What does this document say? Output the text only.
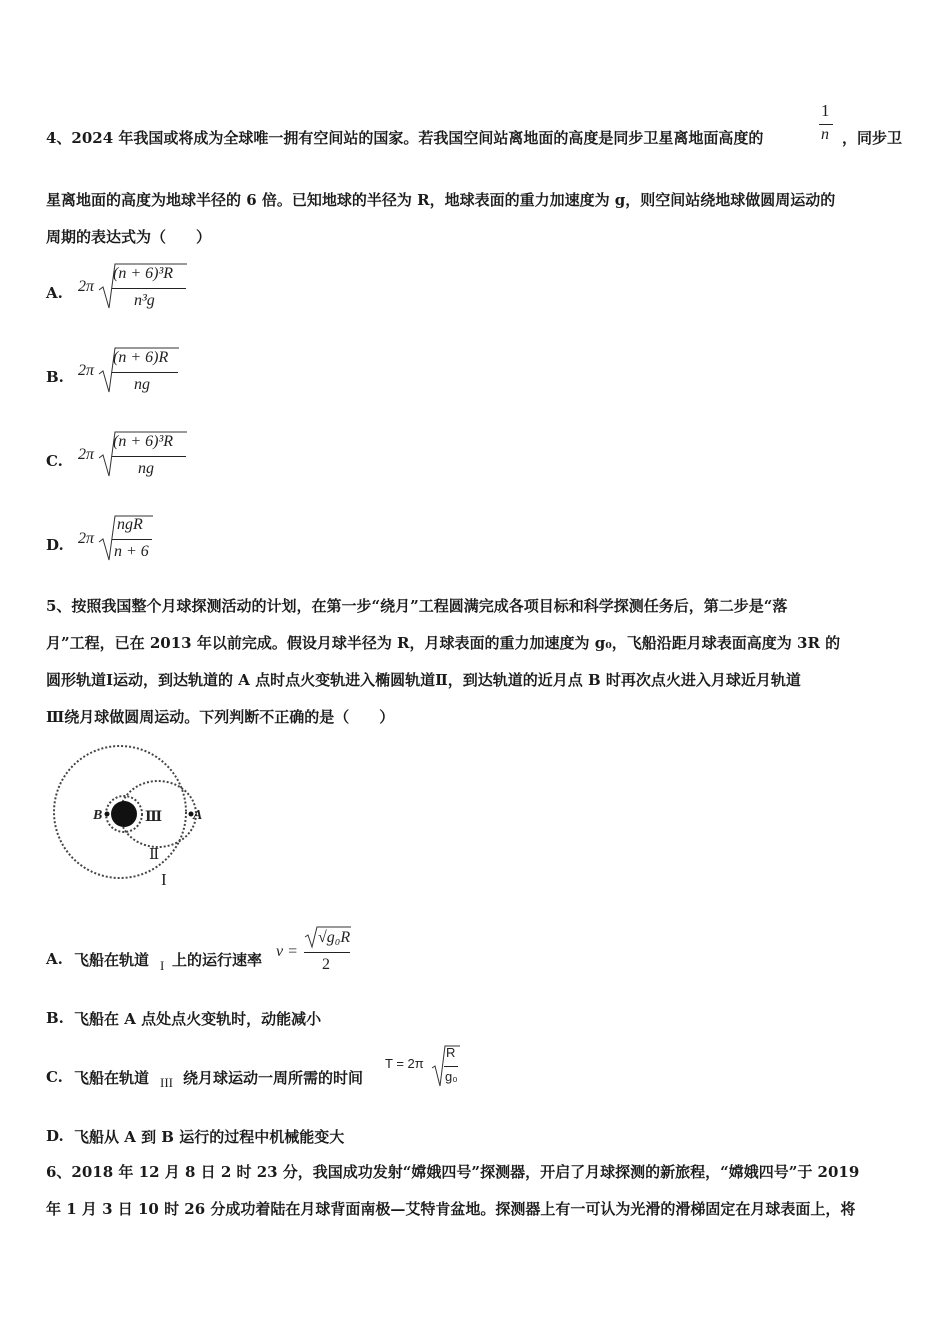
4、2024 年我国或将成为全球唯一拥有空间站的国家。若我国空间站离地面的高度是同步卫星离地面高度的
1
n ，同步卫
星离地面的高度为地球半径的 6 倍。已知地球的半径为 R，地球表面的重力加速度为 g，则空间站绕地球做圆周运动的
周期的表达式为（　　）
A. 2π
(n + 6)³R
n³g
B. 2π
(n + 6)R
ng
C. 2π
(n + 6)³R
ng
D. 2π
ngR
n + 6
5、按照我国整个月球探测活动的计划，在第一步“绕月”工程圆满完成各项目标和科学探测任务后，第二步是“落
月”工程，已在 2013 年以前完成。假设月球半径为 R，月球表面的重力加速度为 g₀，飞船沿距月球表面高度为 3R 的
圆形轨道Ⅰ运动，到达轨道的 A 点时点火变轨进入椭圆轨道Ⅱ，到达轨道的近月点 B 时再次点火进入月球近月轨道
Ⅲ绕月球做圆周运动。下列判断不正确的是（　　）
B	A
Ⅲ
Ⅱ
I
A. 飞船在轨道 I 上的运行速率 v =
√g₀R
2
B. 飞船在 A 点处点火变轨时，动能减小
C. 飞船在轨道 III 绕月球运动一周所需的时间
T = 2π
R
g₀
D. 飞船从 A 到 B 运行的过程中机械能变大
6、2018 年 12 月 8 日 2 时 23 分，我国成功发射“嫦娥四号”探测器，开启了月球探测的新旅程，“嫦娥四号”于 2019
年 1 月 3 日 10 时 26 分成功着陆在月球背面南极—艾特肯盆地。探测器上有一可认为光滑的滑梯固定在月球表面上，将
